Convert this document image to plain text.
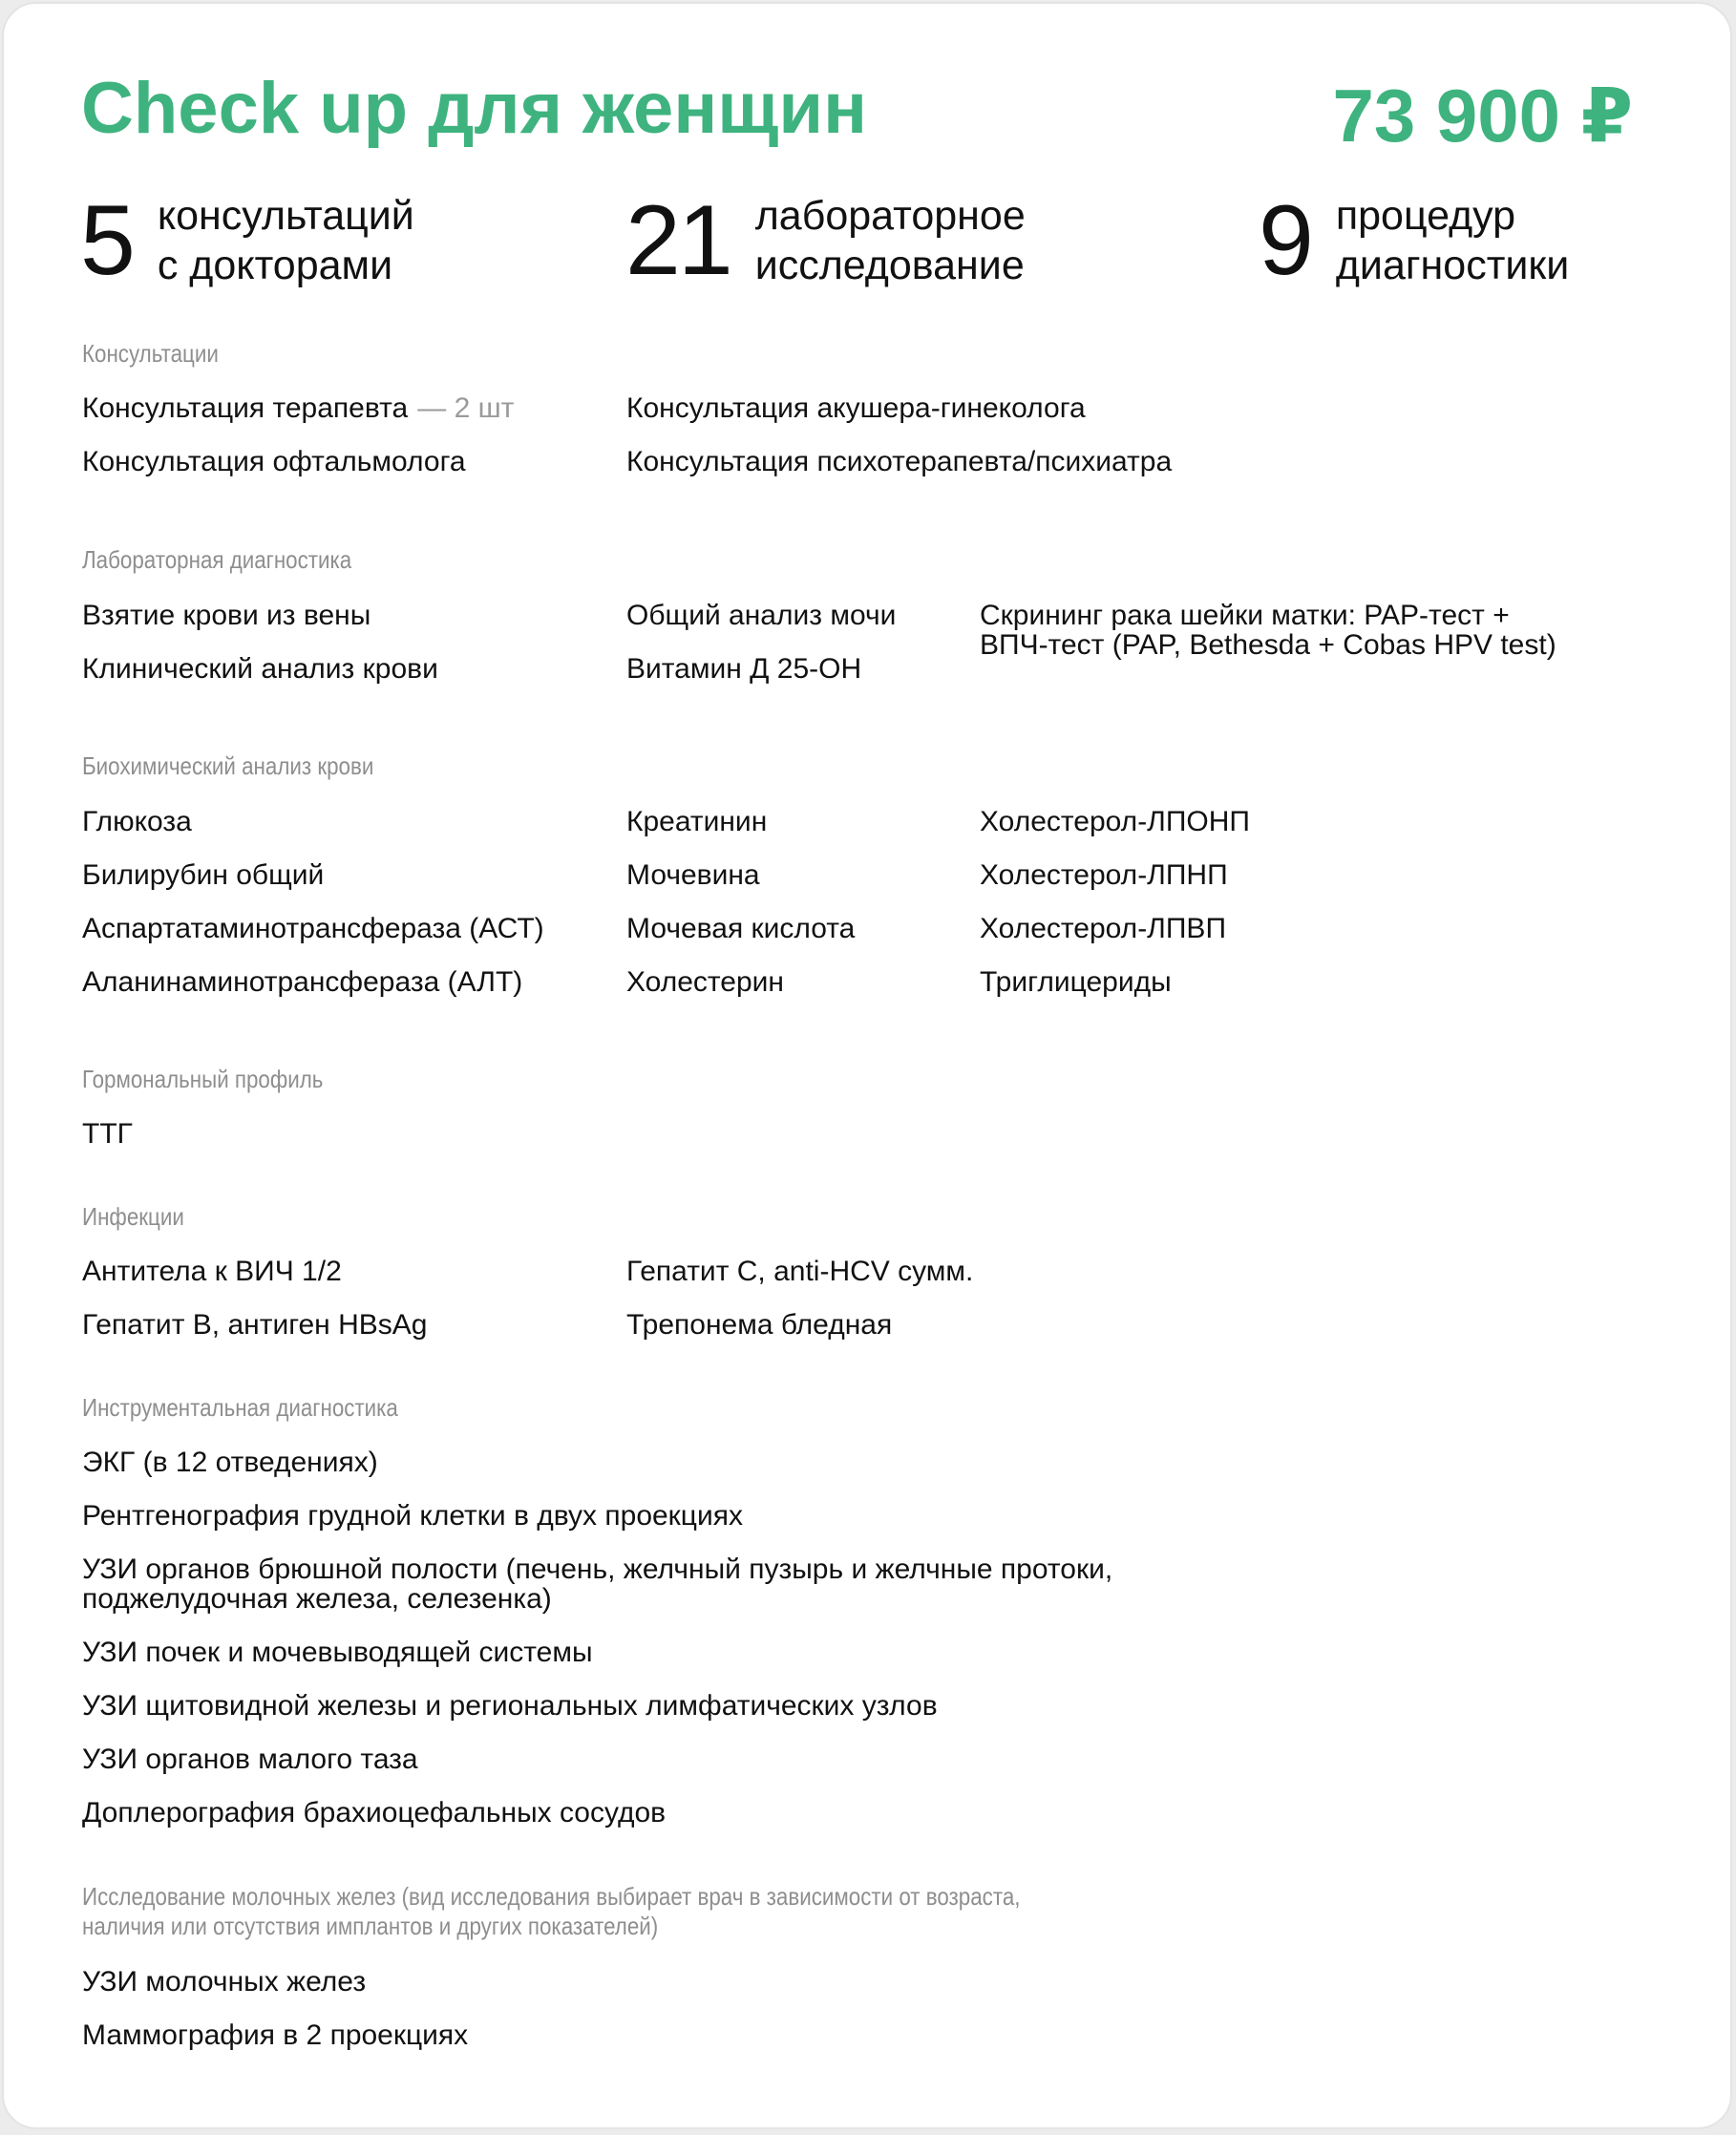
Check up для женщин	73 900 ₽
5 консультаций
с докторами 21 лабораторное
исследование 9 процедур
диагностики
Консультации
Консультация терапевта — 2 шт
Консультация офтальмолога
Консультация акушера-гинеколога
Консультация психотерапевта/психиатра
Лабораторная диагностика
Взятие крови из вены
Клинический анализ крови
Общий анализ мочи
Витамин Д 25-ОН
Скрининг рака шейки матки: PAP-тест +
ВПЧ-тест (PAP, Bethesda + Cobas HPV test)
Биохимический анализ крови
Глюкоза
Билирубин общий
Аспартатаминотрансфераза (АСТ)
Аланинаминотрансфераза (АЛТ)
Креатинин
Мочевина
Мочевая кислота
Холестерин
Холестерол-ЛПОНП
Холестерол-ЛПНП
Холестерол-ЛПВП
Триглицериды
Гормональный профиль
ТТГ
Инфекции
Антитела к ВИЧ 1/2
Гепатит В, антиген HBsAg
Гепатит С, anti-HCV сумм.
Трепонема бледная
Инструментальная диагностика
ЭКГ (в 12 отведениях)
Рентгенография грудной клетки в двух проекциях
УЗИ органов брюшной полости (печень, желчный пузырь и желчные протоки,
поджелудочная железа, селезенка)
УЗИ почек и мочевыводящей системы
УЗИ щитовидной железы и региональных лимфатических узлов
УЗИ органов малого таза
Доплерография брахиоцефальных сосудов
Исследование молочных желез (вид исследования выбирает врач в зависимости от возраста,
наличия или отсутствия имплантов и других показателей)
УЗИ молочных желез
Маммография в 2 проекциях
